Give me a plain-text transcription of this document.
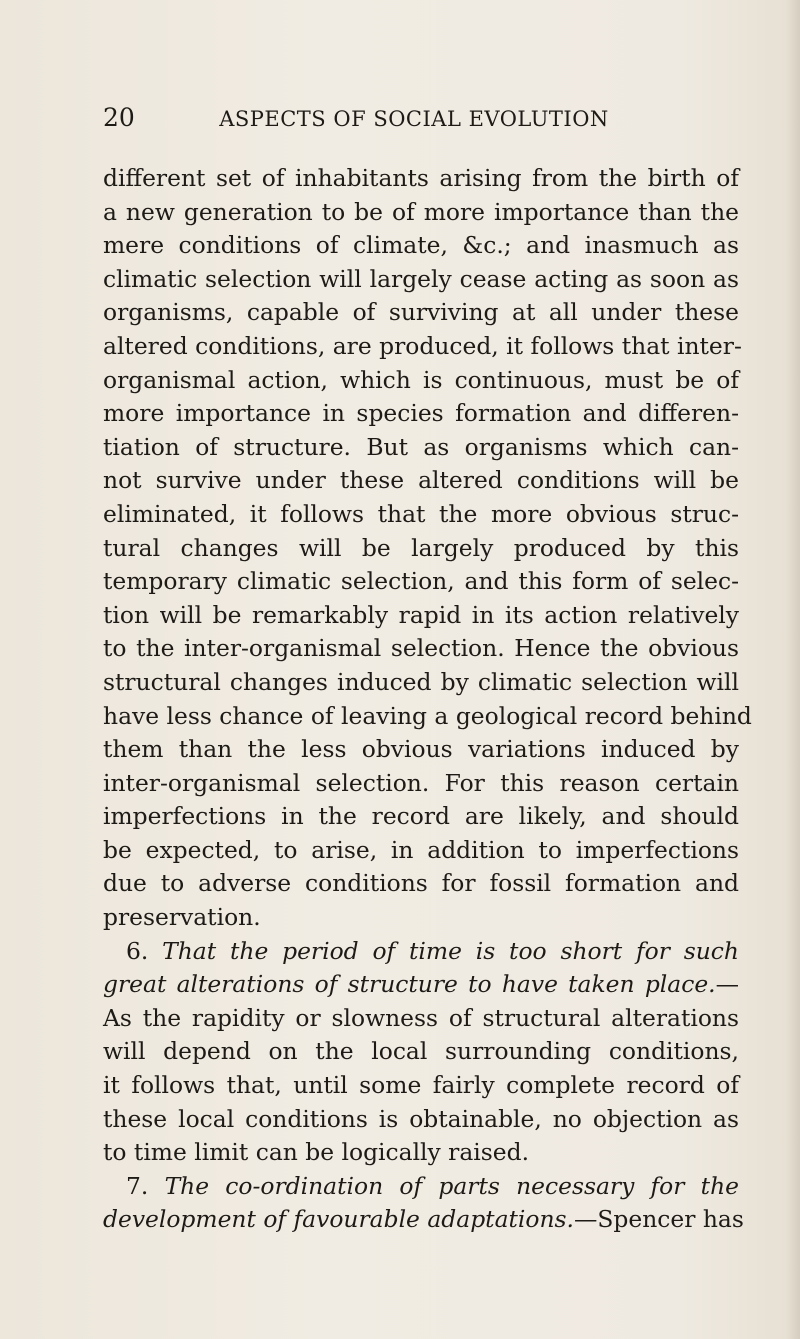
20	ASPECTS OF SOCIAL EVOLUTION
different set of inhabitants arising from the birth of
a new generation to be of more importance than the
mere conditions of climate, &c.; and inasmuch as
climatic selection will largely cease acting as soon as
organisms, capable of surviving at all under these
altered conditions, are produced, it follows that inter-
organismal action, which is continuous, must be of
more importance in species formation and differen-
tiation of structure. But as organisms which can-
not survive under these altered conditions will be
eliminated, it follows that the more obvious struc-
tural changes will be largely produced by this
temporary climatic selection, and this form of selec-
tion will be remarkably rapid in its action relatively
to the inter-organismal selection. Hence the obvious
structural changes induced by climatic selection will
have less chance of leaving a geological record behind
them than the less obvious variations induced by
inter-organismal selection. For this reason certain
imperfections in the record are likely, and should
be expected, to arise, in addition to imperfections
due to adverse conditions for fossil formation and
preservation.
6. That the period of time is too short for such
great alterations of structure to have taken place.—
As the rapidity or slowness of structural alterations
will depend on the local surrounding conditions,
it follows that, until some fairly complete record of
these local conditions is obtainable, no objection as
to time limit can be logically raised.
7. The co-ordination of parts necessary for the
development of favourable adaptations.—Spencer has
